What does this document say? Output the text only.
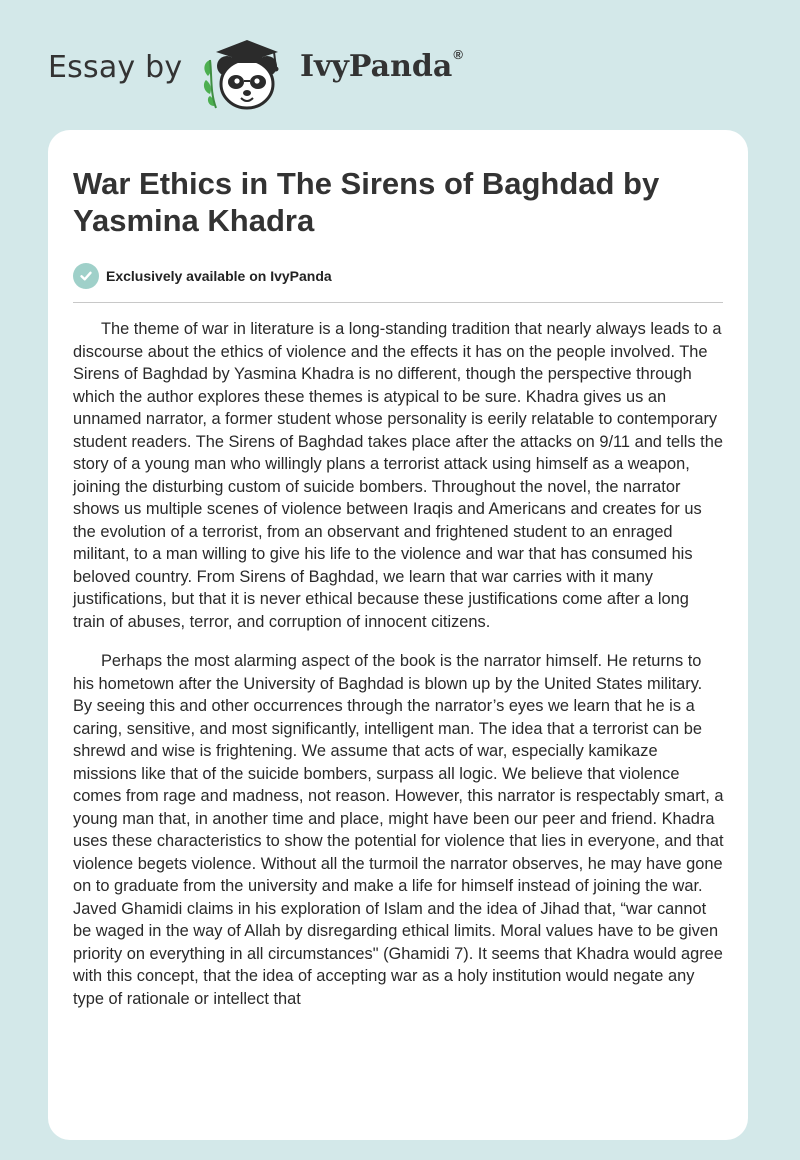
Essay by	IvyPanda®
War Ethics in The Sirens of Baghdad by Yasmina Khadra
Exclusively available on IvyPanda

The theme of war in literature is a long-standing tradition that nearly always leads to a discourse about the ethics of violence and the effects it has on the people involved. The Sirens of Baghdad by Yasmina Khadra is no different, though the perspective through which the author explores these themes is atypical to be sure. Khadra gives us an unnamed narrator, a former student whose personality is eerily relatable to contemporary student readers. The Sirens of Baghdad takes place after the attacks on 9/11 and tells the story of a young man who willingly plans a terrorist attack using himself as a weapon, joining the disturbing custom of suicide bombers. Throughout the novel, the narrator shows us multiple scenes of violence between Iraqis and Americans and creates for us the evolution of a terrorist, from an observant and frightened student to an enraged militant, to a man willing to give his life to the violence and war that has consumed his beloved country. From Sirens of Baghdad, we learn that war carries with it many justifications, but that it is never ethical because these justifications come after a long train of abuses, terror, and corruption of innocent citizens.

Perhaps the most alarming aspect of the book is the narrator himself. He returns to his hometown after the University of Baghdad is blown up by the United States military. By seeing this and other occurrences through the narrator’s eyes we learn that he is a caring, sensitive, and most significantly, intelligent man. The idea that a terrorist can be shrewd and wise is frightening. We assume that acts of war, especially kamikaze missions like that of the suicide bombers, surpass all logic. We believe that violence comes from rage and madness, not reason. However, this narrator is respectably smart, a young man that, in another time and place, might have been our peer and friend. Khadra uses these characteristics to show the potential for violence that lies in everyone, and that violence begets violence. Without all the turmoil the narrator observes, he may have gone on to graduate from the university and make a life for himself instead of joining the war. Javed Ghamidi claims in his exploration of Islam and the idea of Jihad that, “war cannot be waged in the way of Allah by disregarding ethical limits. Moral values have to be given priority on everything in all circumstances" (Ghamidi 7). It seems that Khadra would agree with this concept, that the idea of accepting war as a holy institution would negate any type of rationale or intellect that
